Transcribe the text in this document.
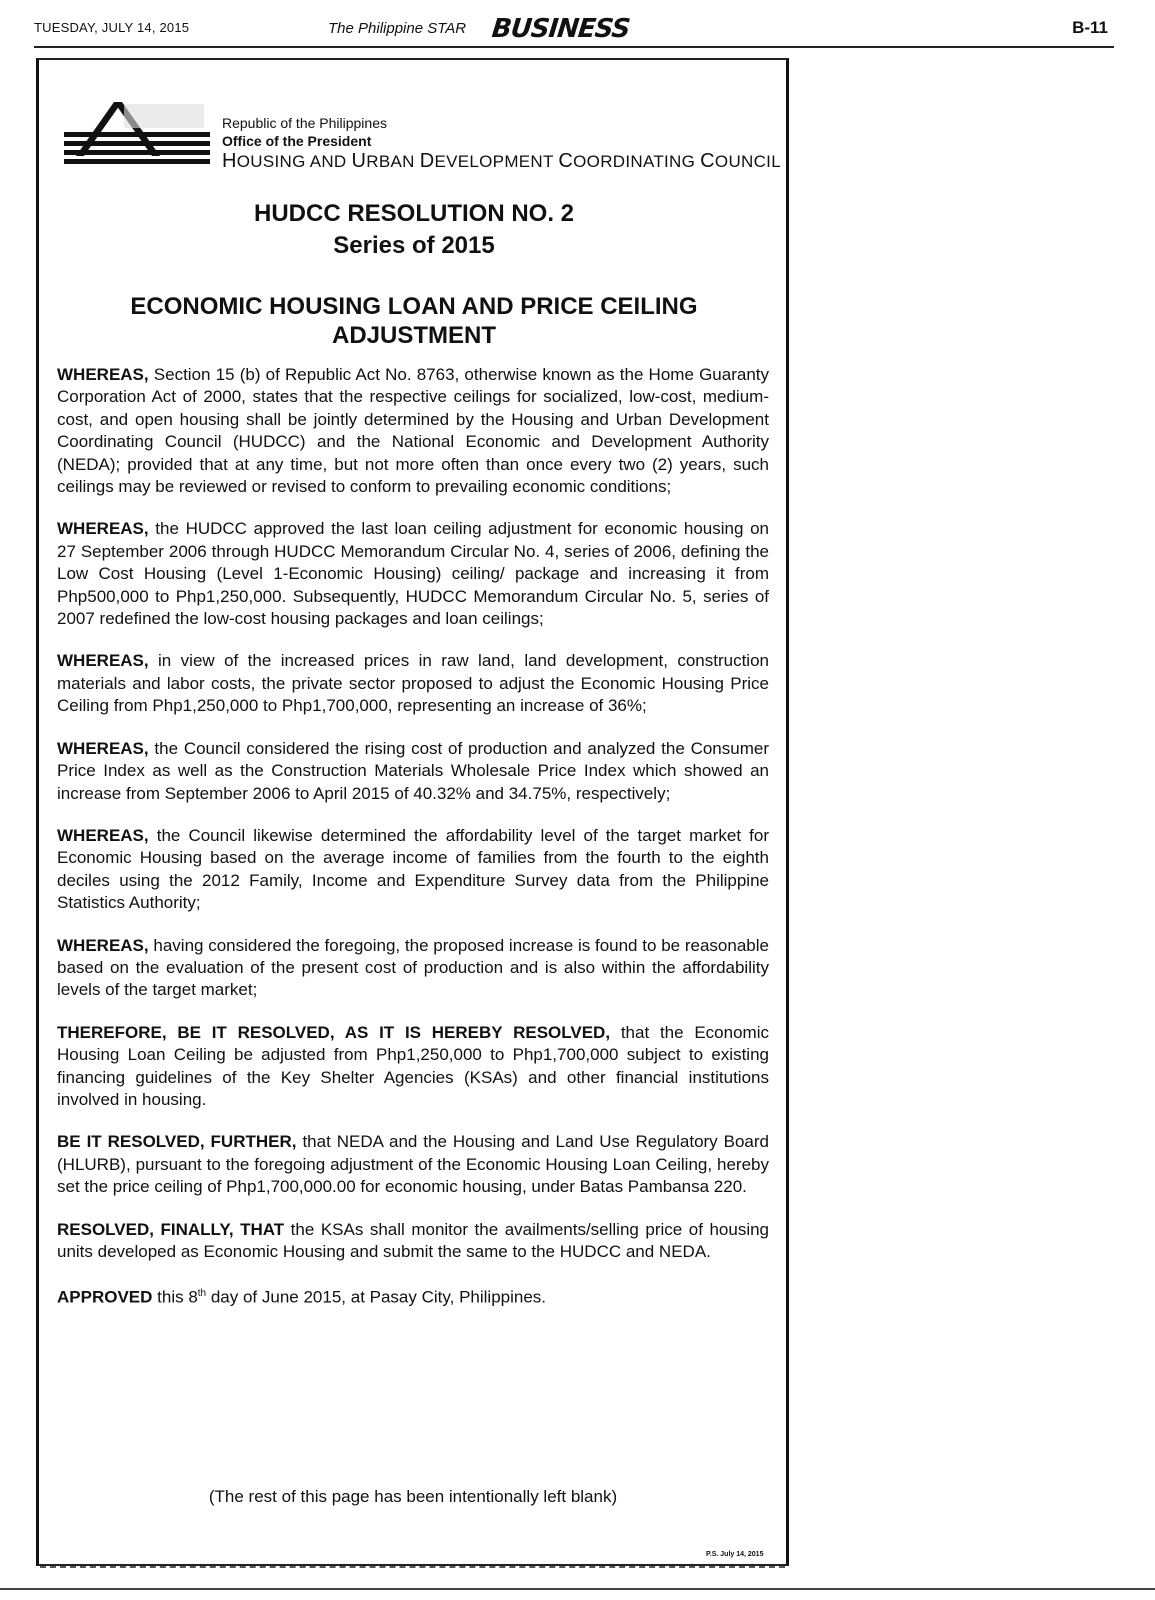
TUESDAY, JULY 14, 2015	The Philippine STAR BUSINESS	B-11
Republic of the Philippines
Office of the President
HOUSING AND URBAN DEVELOPMENT COORDINATING COUNCIL
HUDCC RESOLUTION NO. 2
Series of 2015
ECONOMIC HOUSING LOAN AND PRICE CEILING ADJUSTMENT

WHEREAS, Section 15 (b) of Republic Act No. 8763, otherwise known as the Home Guaranty Corporation Act of 2000, states that the respective ceilings for socialized, low-cost, medium-cost, and open housing shall be jointly determined by the Housing and Urban Development Coordinating Council (HUDCC) and the National Economic and Development Authority (NEDA); provided that at any time, but not more often than once every two (2) years, such ceilings may be reviewed or revised to conform to prevailing economic conditions;

WHEREAS, the HUDCC approved the last loan ceiling adjustment for economic housing on 27 September 2006 through HUDCC Memorandum Circular No. 4, series of 2006, defining the Low Cost Housing (Level 1-Economic Housing) ceiling/ package and increasing it from Php500,000 to Php1,250,000. Subsequently, HUDCC Memorandum Circular No. 5, series of 2007 redefined the low-cost housing packages and loan ceilings;

WHEREAS, in view of the increased prices in raw land, land development, construction materials and labor costs, the private sector proposed to adjust the Economic Housing Price Ceiling from Php1,250,000 to Php1,700,000, representing an increase of 36%;

WHEREAS, the Council considered the rising cost of production and analyzed the Consumer Price Index as well as the Construction Materials Wholesale Price Index which showed an increase from September 2006 to April 2015 of 40.32% and 34.75%, respectively;

WHEREAS, the Council likewise determined the affordability level of the target market for Economic Housing based on the average income of families from the fourth to the eighth deciles using the 2012 Family, Income and Expenditure Survey data from the Philippine Statistics Authority;

WHEREAS, having considered the foregoing, the proposed increase is found to be reasonable based on the evaluation of the present cost of production and is also within the affordability levels of the target market;

THEREFORE, BE IT RESOLVED, AS IT IS HEREBY RESOLVED, that the Economic Housing Loan Ceiling be adjusted from Php1,250,000 to Php1,700,000 subject to existing financing guidelines of the Key Shelter Agencies (KSAs) and other financial institutions involved in housing.

BE IT RESOLVED, FURTHER, that NEDA and the Housing and Land Use Regulatory Board (HLURB), pursuant to the foregoing adjustment of the Economic Housing Loan Ceiling, hereby set the price ceiling of Php1,700,000.00 for economic housing, under Batas Pambansa 220.

RESOLVED, FINALLY, THAT the KSAs shall monitor the availments/selling price of housing units developed as Economic Housing and submit the same to the HUDCC and NEDA.

APPROVED this 8th day of June 2015, at Pasay City, Philippines.

(The rest of this page has been intentionally left blank)
P.S. July 14, 2015
